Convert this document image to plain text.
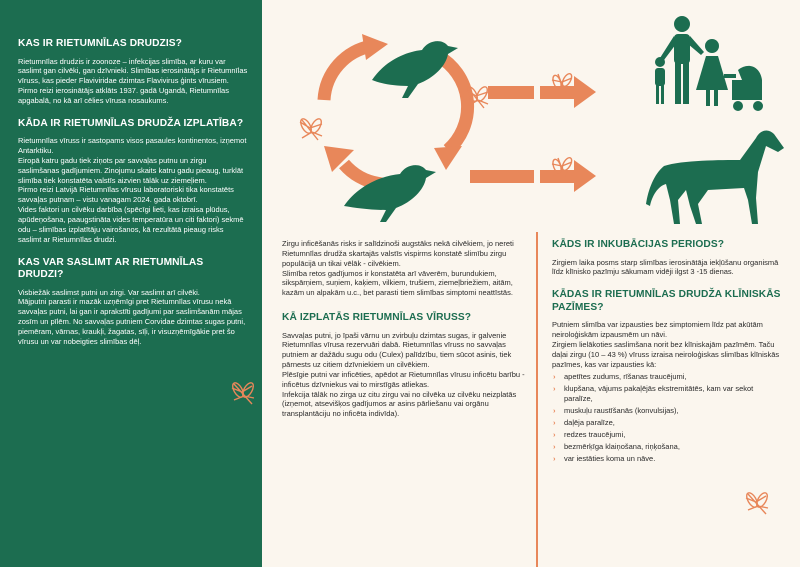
KAS IR RIETUMNĪLAS DRUDZIS?

Rietumnīlas drudzis ir zoonoze – infekcijas slimība, ar kuru var saslimt gan cilvēki, gan dzīvnieki. Slimības ierosinātājs ir Rietumnīlas vīruss, kas pieder Flaviviridae dzimtas Flavivirus ģints vīrusiem. Pirmo reizi ierosinātājs atklāts 1937. gadā Ugandā, Rietumnīlas apgabalā, no kā arī cēlies vīrusa nosaukums.

KĀDA IR RIETUMNĪLAS DRUDŽA IZPLATĪBA?

Rietumnīlas vīruss ir sastopams visos pasaules kontinentos, izņemot Antarktiku.

Eiropā katru gadu tiek ziņots par savvaļas putnu un zirgu saslimšanas gadījumiem. Zinojumu skaits katru gadu pieaug, turklāt slimība tiek konstatēta valstīs aizvien tālāk uz ziemeļiem.

Pirmo reizi Latvijā Rietumnīlas vīrusu laboratoriski tika konstatēts savvaļas putnam – vistu vanagam 2024. gada oktobrī.

Vides faktori un cilvēku darbība (spēcīgi lieti, kas izraisa plūdus, apūdeņošana, paaugstināta vides temperatūra un citi faktori) sekmē odu – slimības izplatītāju vairošanos, kā rezultātā pieaug risks saslimt ar Rietumnīlas drudzi.

KAS VAR SASLIMT AR RIETUMNĪLAS DRUDZI?

Visbiežāk saslimst putni un zirgi. Var saslimt arī cilvēki.

Mājputni parasti ir mazāk uzņēmīgi pret Rietumnīlas vīrusu nekā savvaļas putni, lai gan ir aprakstīti gadījumi par saslimšanām mājas zosīm un pīlēm. No savvaļas putniem Corvidae dzimtas sugas putni, piemēram, vārnas, kraukļi, žagatas, sīļi, ir visuzņēmīgākie pret šo vīrusu un var nobeigties slimības dēļ.

Zirgu inficēšanās risks ir salīdzinoši augstāks nekā cilvēkiem, jo nereti Rietumnīlas drudža skartajās valstīs vispirms konstatē slimību zirgu populācijā un tikai vēlāk - cilvēkiem.

Slimība retos gadījumos ir konstatēta arī vāverēm, burundukiem, sikspārņiem, suņiem, kaķiem, vilkiem, trušiem, ziemeļbriežiem, aitām, kazām un alpakām u.c., bet parasti tiem slimības simptomi neattīstās.

KĀ IZPLATĀS RIETUMNĪLAS VĪRUSS?

Savvaļas putni, jo īpaši vārnu un zvirbuļu dzimtas sugas, ir galvenie Rietumnīlas vīrusa rezervuāri dabā. Rietumnīlas vīruss no savvaļas putniem ar dažādu sugu odu (Culex) palīdzību, tiem sūcot asinis, tiek pārnests uz citiem dzīvniekiem un cilvēkiem.

Plēsīgie putni var inficēties, apēdot ar Rietumnīlas vīrusu inficētu barību - inficētus dzīvniekus vai to mirstīgās atliekas.

Infekcija tālāk no zirga uz citu zirgu vai no cilvēka uz cilvēku neizplatās (izņemot, atsevišķos gadījumos ar asins pārliešanu vai orgānu transplantāciju no inficēta indivīda).

KĀDS IR INKUBĀCIJAS PERIODS?

Zirgiem laika posms starp slimības ierosinātāja iekļūšanu organismā līdz klīnisko pazīmju sākumam vidēji ilgst 3 -15 dienas.

KĀDAS IR RIETUMNĪLAS DRUDŽA KLĪNISKĀS PAZĪMES?

Putniem slimība var izpausties bez simptomiem līdz pat akūtām neiroloģiskām izpausmēm un nāvi.

Zirgiem lielākoties saslimšana norit bez klīniskajām pazīmēm. Taču daļai zirgu (10 – 43 %) vīruss izraisa neiroloģiskas slimības klīniskās pazīmes, kas var izpausties kā:

› apetītes zudums, rīšanas traucējumi,
› klupšana, vājums pakaļējās ekstremitātēs, kam var sekot paralīze,
› muskuļu raustīšanās (konvulsijas),
› daļēja paralīze,
› redzes traucējumi,
› bezmērķīga klaiņošana, riņķošana,
› var iestāties koma un nāve.
